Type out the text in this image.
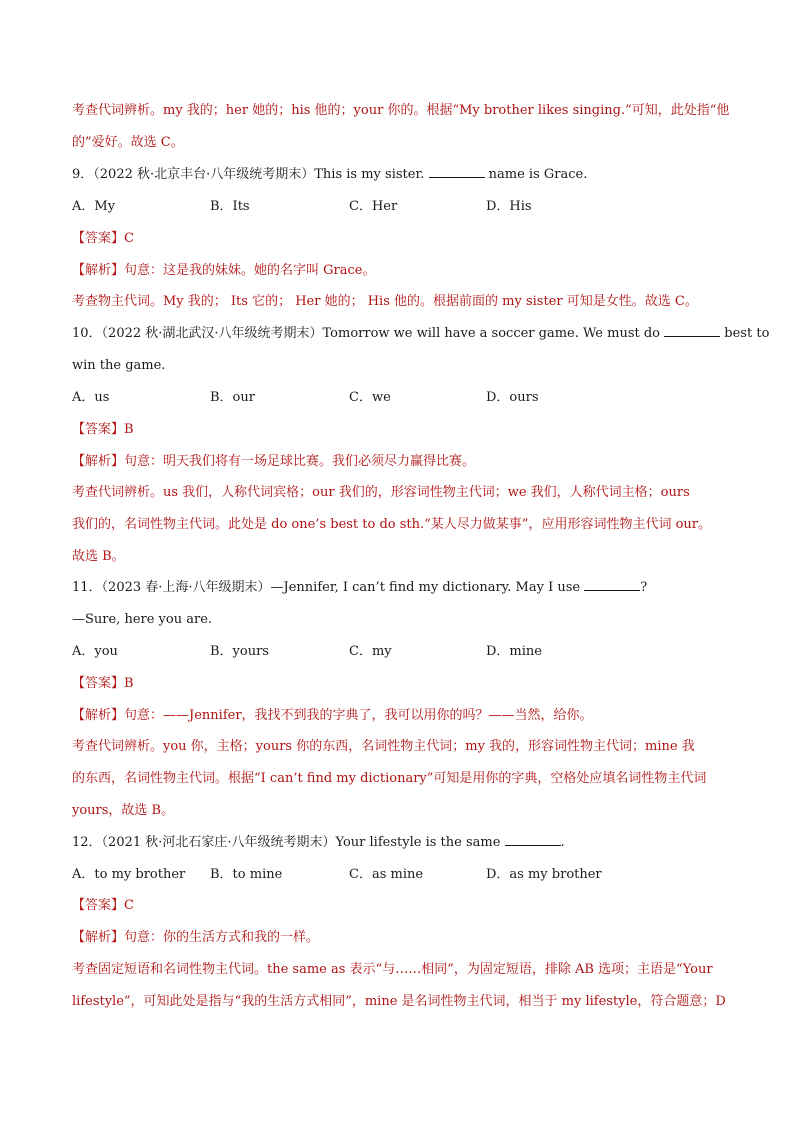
考查代词辨析。my 我的；her 她的；his 他的；your 你的。根据“My brother likes singing.”可知，此处指“他
的”爱好。故选 C。
9．（2022 秋·北京丰台·八年级统考期末）This is my sister.	name is Grace.
A．My	B．Its	C．Her	D．His
【答案】C
【解析】句意：这是我的妹妹。她的名字叫 Grace。
考查物主代词。My 我的； Its 它的； Her 她的； His 他的。根据前面的 my sister 可知是女性。故选 C。
10．（2022 秋·湖北武汉·八年级统考期末）Tomorrow we will have a soccer game. We must do	best to
win the game.
A．us	B．our	C．we	D．ours
【答案】B
【解析】句意：明天我们将有一场足球比赛。我们必须尽力赢得比赛。
考查代词辨析。us 我们，人称代词宾格；our 我们的，形容词性物主代词；we 我们，人称代词主格；ours
我们的，名词性物主代词。此处是 do one’s best to do sth.“某人尽力做某事”，应用形容词性物主代词 our。
故选 B。
11．（2023 春·上海·八年级期末）—Jennifer, I can’t find my dictionary. May I use	?
—Sure, here you are.
A．you	B．yours	C．my	D．mine
【答案】B
【解析】句意：——Jennifer，我找不到我的字典了，我可以用你的吗？——当然，给你。
考查代词辨析。you 你，主格；yours 你的东西，名词性物主代词；my 我的，形容词性物主代词；mine 我
的东西，名词性物主代词。根据“I can’t find my dictionary”可知是用你的字典，空格处应填名词性物主代词
yours，故选 B。
12．（2021 秋·河北石家庄·八年级统考期末）Your lifestyle is the same	.
A．to my brother B．to mine	C．as mine	D．as my brother
【答案】C
【解析】句意：你的生活方式和我的一样。
考查固定短语和名词性物主代词。the same as 表示“与……相同”，为固定短语，排除 AB 选项；主语是“Your
lifestyle”，可知此处是指与“我的生活方式相同”，mine 是名词性物主代词，相当于 my lifestyle，符合题意；D
